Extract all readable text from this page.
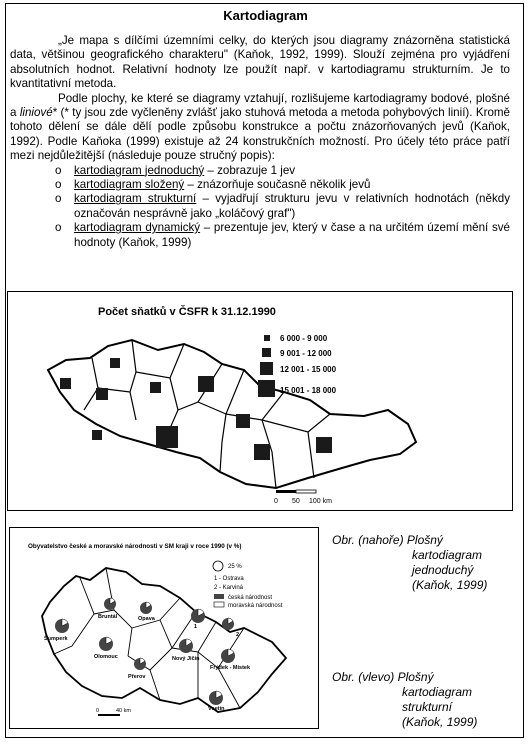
Kartodiagram

„Je mapa s dílčími územními celky, do kterých jsou diagramy znázorněna statistická data, většinou geografického charakteru" (Kaňok, 1992, 1999). Slouží zejména pro vyjádření absolutních hodnot. Relativní hodnoty lze použít např. v kartodiagramu strukturním. Je to kvantitativní metoda.

Podle plochy, ke které se diagramy vztahují, rozlišujeme kartodiagramy bodové, plošné a liniové* (* ty jsou zde vyčleněny zvlášť jako stuhová metoda a metoda pohybových linií). Kromě tohoto dělení se dále dělí podle způsobu konstrukce a počtu znázorňovaných jevů (Kaňok, 1992). Podle Kaňoka (1999) existuje až 24 konstrukčních možností. Pro účely této práce patří mezi nejdůležitější (následuje pouze stručný popis):

o kartodiagram jednoduchý – zobrazuje 1 jev
o kartodiagram složený – znázorňuje současně několik jevů
o kartodiagram strukturní – vyjadřují strukturu jevu v relativních hodnotách (někdy označován nesprávně jako „koláčový graf")
o kartodiagram dynamický – prezentuje jev, který v čase a na určitém území mění své hodnoty (Kaňok, 1999)
Počet sňatků v ČSFR k 31.12.1990
6 000 - 9 000
9 001 - 12 000
12 001 - 15 000
15 001 - 18 000
0 50 100 km
Obyvatelstvo české a moravské národnosti v SM kraji v roce 1990 (v %)
25 %
1 - Ostrava
2 - Karviná
česká národnost
moravská národnost
Šumperk
Bruntál	Opava
Olomouc	Nový Jičín
Frýdek - Místek
Přerov
Vsetín
1
2
0	40 km
Obr. (nahoře) Plošný
kartodiagram
jednoduchý
(Kaňok, 1999)
Obr. (vlevo) Plošný
kartodiagram
strukturní
(Kaňok, 1999)
